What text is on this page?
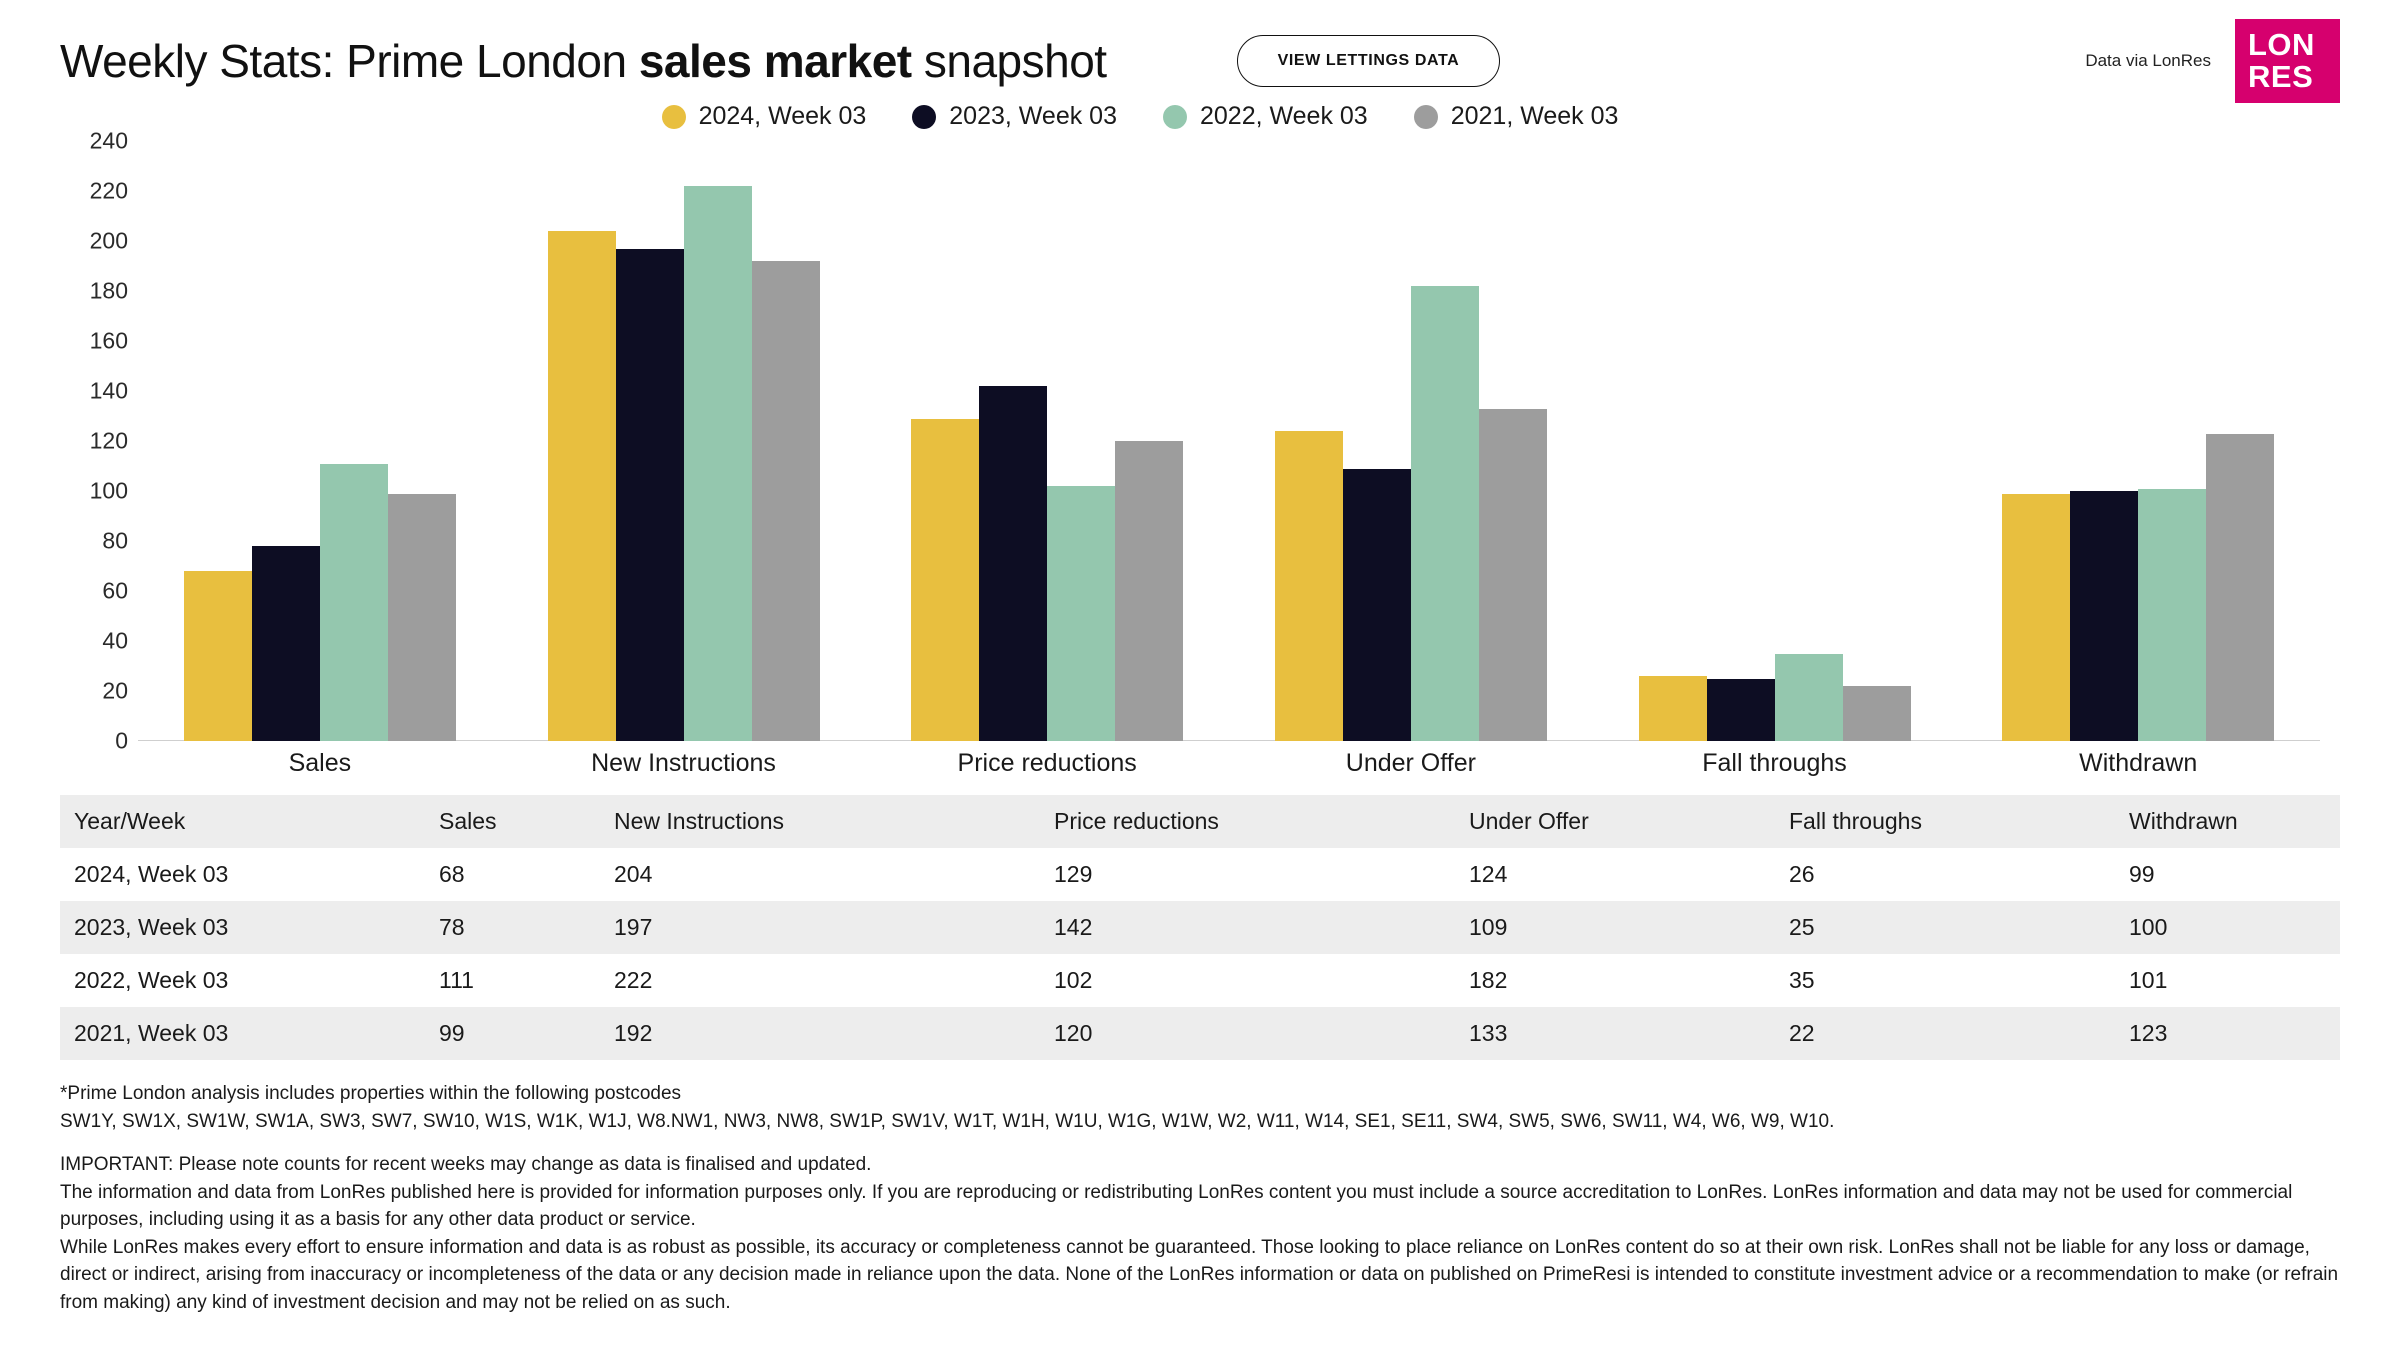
Weekly Stats: Prime London sales market snapshot	VIEW LETTINGS DATA	Data via LonRes	LON
RES
2024, Week 03	2023, Week 03	2022, Week 03	2021, Week 03
0
20
40
60
80
100
120
140
160
180
200
220
240
Sales	New Instructions	Price reductions	Under Offer	Fall throughs	Withdrawn
Year/Week	Sales	New Instructions	Price reductions	Under Offer	Fall throughs	Withdrawn
2024, Week 03	68	204	129	124	26	99
2023, Week 03	78	197	142	109	25	100
2022, Week 03	111	222	102	182	35	101
2021, Week 03	99	192	120	133	22	123

*Prime London analysis includes properties within the following postcodes

SW1Y, SW1X, SW1W, SW1A, SW3, SW7, SW10, W1S, W1K, W1J, W8.NW1, NW3, NW8, SW1P, SW1V, W1T, W1H, W1U, W1G, W1W, W2, W11, W14, SE1, SE11, SW4, SW5, SW6, SW11, W4, W6, W9, W10.

IMPORTANT: Please note counts for recent weeks may change as data is finalised and updated.

The information and data from LonRes published here is provided for information purposes only. If you are reproducing or redistributing LonRes content you must include a source accreditation to LonRes. LonRes information and data may not be used for commercial purposes, including using it as a basis for any other data product or service.

While LonRes makes every effort to ensure information and data is as robust as possible, its accuracy or completeness cannot be guaranteed. Those looking to place reliance on LonRes content do so at their own risk. LonRes shall not be liable for any loss or damage, direct or indirect, arising from inaccuracy or incompleteness of the data or any decision made in reliance upon the data. None of the LonRes information or data on published on PrimeResi is intended to constitute investment advice or a recommendation to make (or refrain from making) any kind of investment decision and may not be relied on as such.
